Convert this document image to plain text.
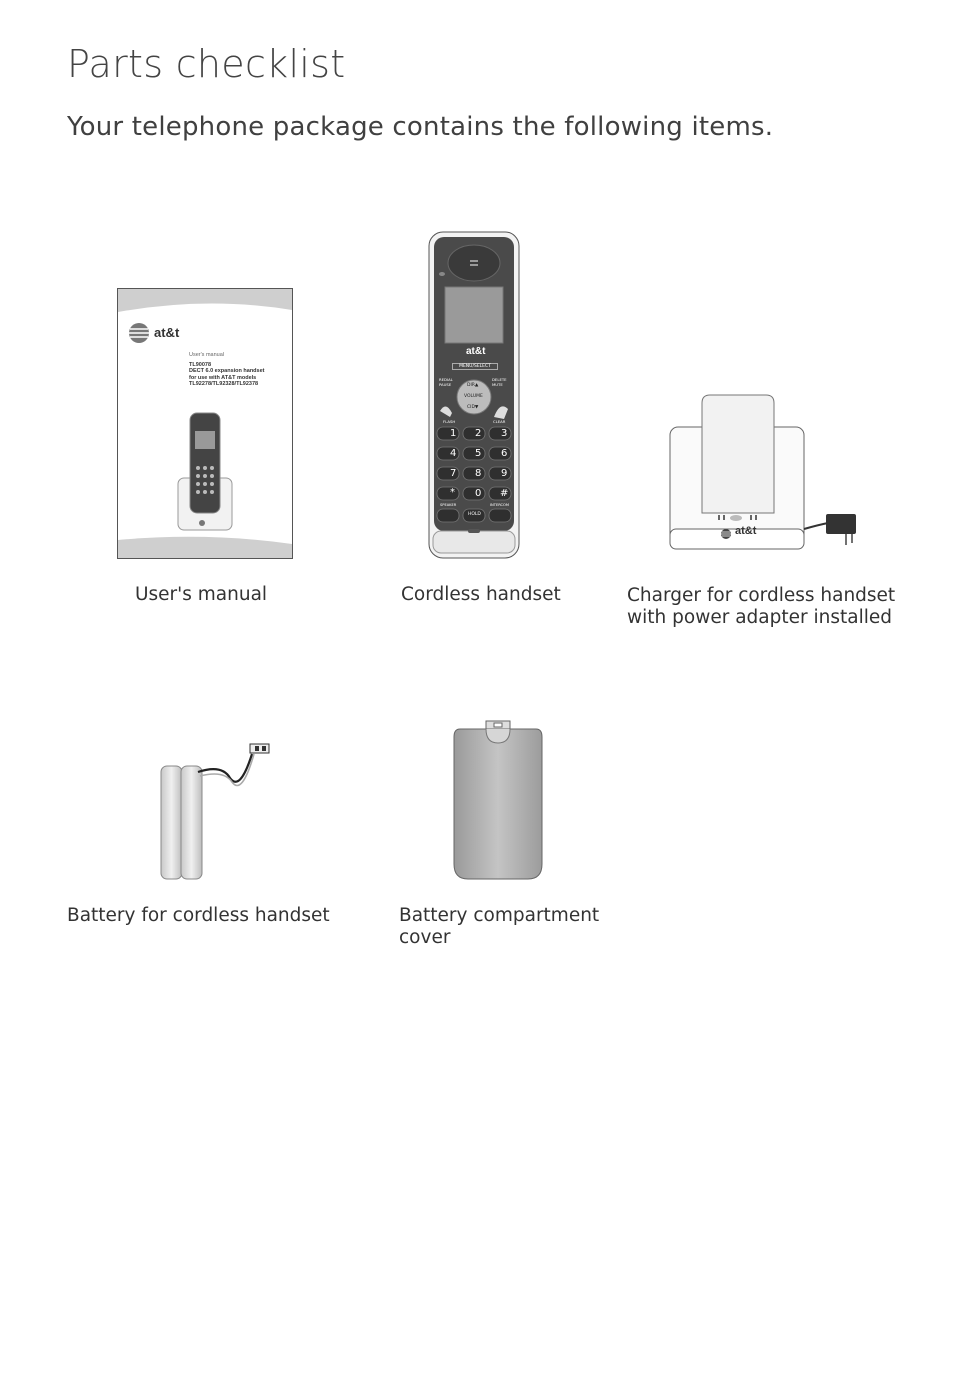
Parts checklist
Your telephone package contains the following items.
at&t
User's manual
TL90078
DECT 6.0 expansion handset
for use with AT&T models
TL92278/TL92328/TL92378
at&t
MENU/SELECT
REDIAL PAUSE
DELETE MUTE
DIR▲
VOLUME
CID▼
FLASH	CLEAR
1 2 3
4 5 6
7 8 9
* 0 #
SPEAKER
HOLD
INTERCOM
at&t
User's manual	Cordless handset	Charger for cordless handset
with power adapter installed
Battery for cordless handset	Battery compartment
cover
